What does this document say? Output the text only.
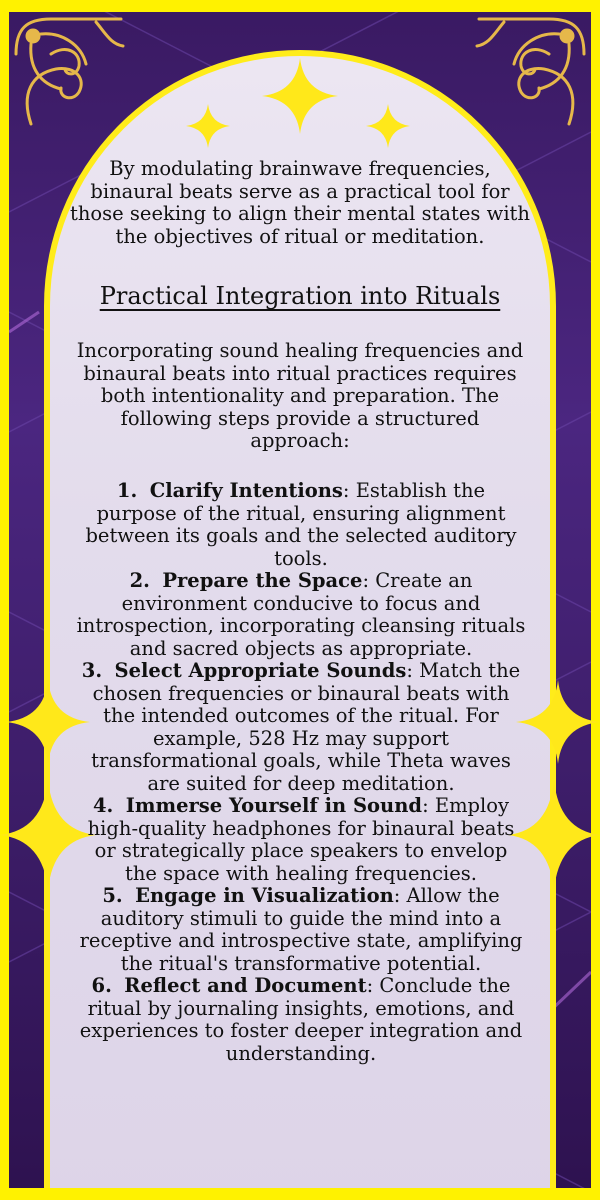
By modulating brainwave frequencies, binaural beats serve as a practical tool for those seeking to align their mental states with the objectives of ritual or meditation.

Practical Integration into Rituals

Incorporating sound healing frequencies and binaural beats into ritual practices requires both intentionality and preparation. The following steps provide a structured approach:

1. Clarify Intentions: Establish the purpose of the ritual, ensuring alignment between its goals and the selected auditory tools.
2. Prepare the Space: Create an environment conducive to focus and introspection, incorporating cleansing rituals and sacred objects as appropriate.
3. Select Appropriate Sounds: Match the chosen frequencies or binaural beats with the intended outcomes of the ritual. For example, 528 Hz may support transformational goals, while Theta waves are suited for deep meditation.
4. Immerse Yourself in Sound: Employ high-quality headphones for binaural beats or strategically place speakers to envelop the space with healing frequencies.
5. Engage in Visualization: Allow the auditory stimuli to guide the mind into a receptive and introspective state, amplifying the ritual's transformative potential.
6. Reflect and Document: Conclude the ritual by journaling insights, emotions, and experiences to foster deeper integration and understanding.
